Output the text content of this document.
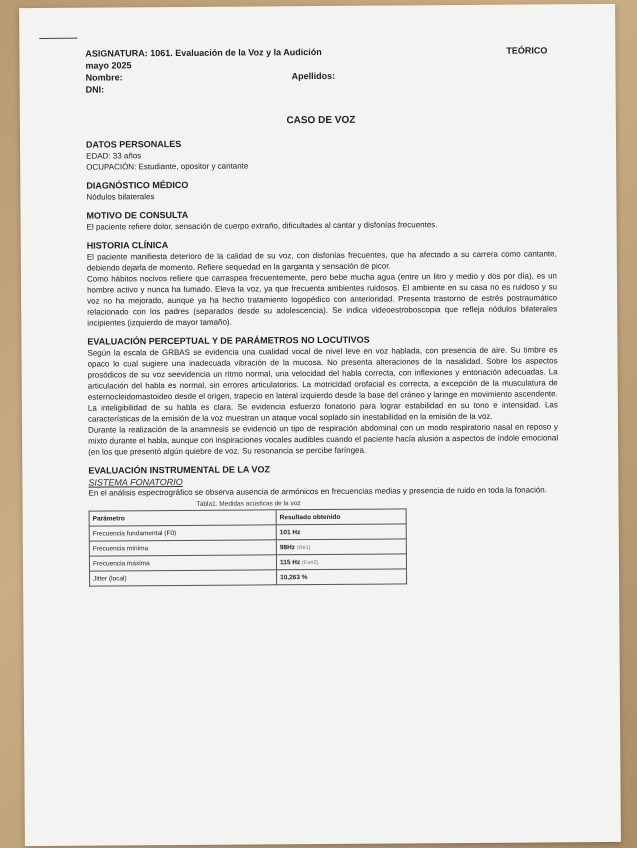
ASIGNATURA: 1061. Evaluación de la Voz y la Audición	TEÓRICO
mayo 2025
Nombre:	Apellidos:
DNI:
CASO DE VOZ
DATOS PERSONALES
EDAD: 33 años
OCUPACIÓN: Estudiante, opositor y cantante
DIAGNÓSTICO MÉDICO
Nódulos bilaterales
MOTIVO DE CONSULTA
El paciente refiere dolor, sensación de cuerpo extraño, dificultades al cantar y disfonías frecuentes.
HISTORIA CLÍNICA
El paciente manifiesta deterioro de la calidad de su voz, con disfonías frecuentes, que ha afectado a su carrera como cantante, debiendo dejarla de momento. Refiere sequedad en la garganta y sensación de picor.
Como hábitos nocivos refiere que carraspea frecuentemente, pero bebe mucha agua (entre un litro y medio y dos por día), es un hombre activo y nunca ha fumado. Eleva la voz, ya que frecuenta ambientes ruidosos. El ambiente en su casa no es ruidoso y su voz no ha mejorado, aunque ya ha hecho tratamiento logopédico con anterioridad. Presenta trastorno de estrés postraumático relacionado con los padres (separados desde su adolescencia). Se indica videoestroboscopia que refleja nódulos bilaterales incipientes (izquierdo de mayor tamaño).
EVALUACIÓN PERCEPTUAL Y DE PARÁMETROS NO LOCUTIVOS
Según la escala de GRBAS se evidencia una cualidad vocal de nivel leve en voz hablada, con presencia de aire. Su timbre es opaco lo cual sugiere una inadecuada vibración de la mucosa. No presenta alteraciones de la nasalidad. Sobre los aspectos prosódicos de su voz seevidencia un ritmo normal, una velocidad del habla correcta, con inflexiones y entonación adecuadas. La articulación del habla es normal, sin errores articulatorios. La motricidad orofacial es correcta, a excepción de la musculatura de esternocleidomastoideo desde el origen, trapecio en lateral izquierdo desde la base del cráneo y laringe en movimiento ascendente. La inteligibilidad de su habla es clara. Se evidencia esfuerzo fonatorio para lograr estabilidad en su tono e intensidad. Las características de la emisión de la voz muestran un ataque vocal soplado sin inestabilidad en la emisión de la voz.
Durante la realización de la anamnesis se evidenció un tipo de respiración abdominal con un modo respiratorio nasal en reposo y mixto durante el habla, aunque con inspiraciones vocales audibles cuando el paciente hacía alusión a aspectos de índole emocional (en los que presentó algún quiebre de voz. Su resonancia se percibe faríngea.
EVALUACIÓN INSTRUMENTAL DE LA VOZ
SISTEMA FONATORIO
En el análisis espectrográfico se observa ausencia de armónicos en frecuencias medias y presencia de ruido en toda la fonación.
Tabla1. Medidas acústicas de la voz
Parámetro	Resultado obtenido
Frecuencia fundamental (F0)	101 Hz
Frecuencia mínima	98Hz (Re1)
Frecuencia máxima	115 Hz (Fa#2)
Jitter (local)	10,263 %
